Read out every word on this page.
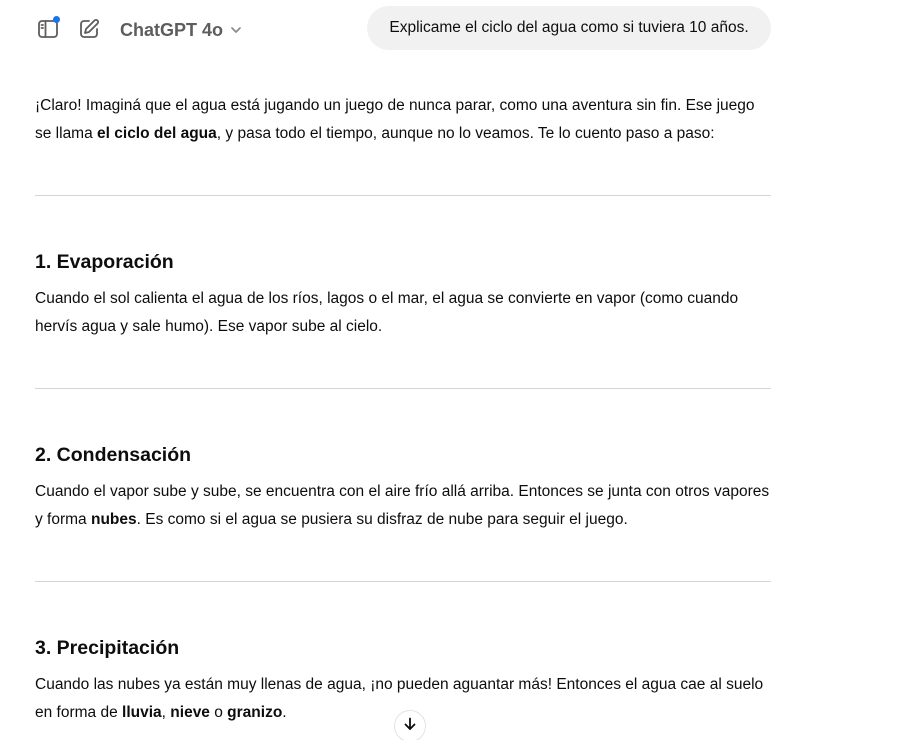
ChatGPT 4o	Explicame el ciclo del agua como si tuviera 10 años.

¡Claro! Imaginá que el agua está jugando un juego de nunca parar, como una aventura sin fin. Ese juego se llama el ciclo del agua, y pasa todo el tiempo, aunque no lo veamos. Te lo cuento paso a paso:

1. Evaporación

Cuando el sol calienta el agua de los ríos, lagos o el mar, el agua se convierte en vapor (como cuando hervís agua y sale humo). Ese vapor sube al cielo.

2. Condensación

Cuando el vapor sube y sube, se encuentra con el aire frío allá arriba. Entonces se junta con otros vapores y forma nubes. Es como si el agua se pusiera su disfraz de nube para seguir el juego.

3. Precipitación

Cuando las nubes ya están muy llenas de agua, ¡no pueden aguantar más! Entonces el agua cae al suelo en forma de lluvia, nieve o granizo.
